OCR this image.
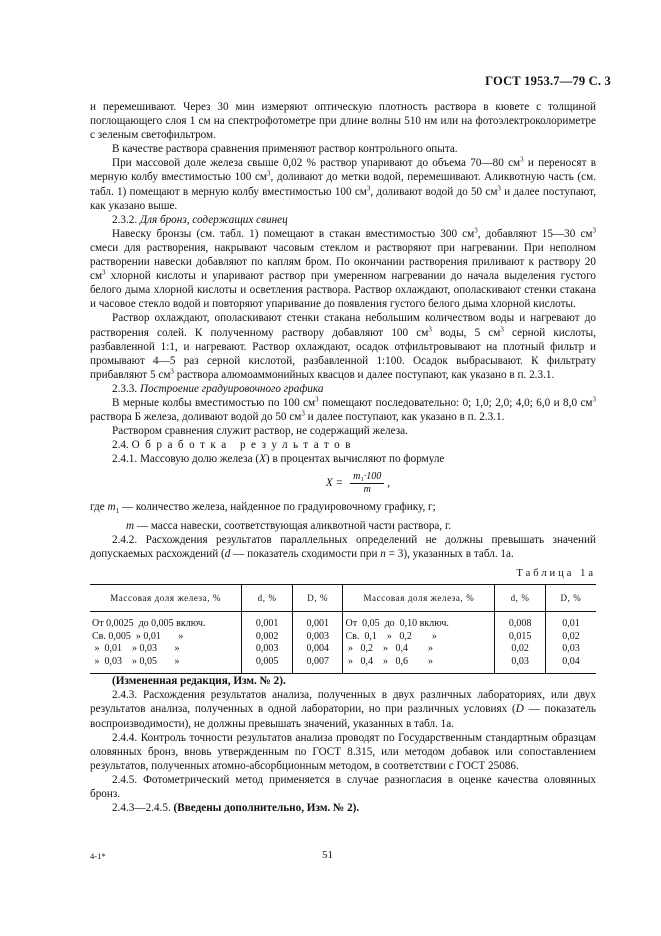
ГОСТ 1953.7—79 С. 3

и перемешивают. Через 30 мин измеряют оптическую плотность раствора в кювете с толщиной поглощающего слоя 1 см на спектрофотометре при длине волны 510 нм или на фотоэлектроколориметре с зеленым светофильтром.

В качестве раствора сравнения применяют раствор контрольного опыта.

При массовой доле железа свыше 0,02 % раствор упаривают до объема 70—80 $см^3$ и переносят в мерную колбу вместимостью 100 $см^3$, доливают до метки водой, перемешивают. Аликвотную часть (см. табл. 1) помещают в мерную колбу вместимостью 100 $см^3$, доливают водой до 50 $см^3$ и далее поступают, как указано выше.

2.3.2. Для бронз, содержащих свинец

Навеску бронзы (см. табл. 1) помещают в стакан вместимостью 300 $см^3$, добавляют 15—30 $см^3$ смеси для растворения, накрывают часовым стеклом и растворяют при нагревании. При неполном растворении навески добавляют по каплям бром. По окончании растворения приливают к раствору 20 $см^3$ хлорной кислоты и упаривают раствор при умеренном нагревании до начала выделения густого белого дыма хлорной кислоты и осветления раствора. Раствор охлаждают, ополаскивают стенки стакана и часовое стекло водой и повторяют упаривание до появления густого белого дыма хлорной кислоты.

Раствор охлаждают, ополаскивают стенки стакана небольшим количеством воды и нагревают до растворения солей. К полученному раствору добавляют 100 $см^3$ воды, 5 $см^3$ серной кислоты, разбавленной 1:1, и нагревают. Раствор охлаждают, осадок отфильтровывают на плотный фильтр и промывают 4—5 раз серной кислотой, разбавленной 1:100. Осадок выбрасывают. К фильтрату прибавляют 5 $см^3$ раствора алюмоаммонийных квасцов и далее поступают, как указано в п. 2.3.1.

2.3.3. Построение градуировочного графика

В мерные колбы вместимостью по 100 $см^3$ помещают последовательно: 0; 1,0; 2,0; 4,0; 6,0 и 8,0 $см^3$ раствора Б железа, доливают водой до 50 $см^3$ и далее поступают, как указано в п. 2.3.1.

Раствором сравнения служит раствор, не содержащий железа.

2.4. Обработка результатов

2.4.1. Массовую долю железа (X) в процентах вычисляют по формуле

$X = \frac{\text{m₁·100}}{m}$ ,

где $m_1$ — количество железа, найденное по градуировочному графику, г;

m — масса навески, соответствующая аликвотной части раствора, г.

2.4.2. Расхождения результатов параллельных определений не должны превышать значений допускаемых расхождений (d — показатель сходимости при n = 3), указанных в табл. 1а.

Таблица 1а
Массовая доля железа, %	d, %	D, %	Массовая доля железа, %	d, %	D, %
От 0,0025  до 0,005 включ.	0,001	0,001	От  0,05  до  0,10 включ.	0,008	0,01
Св. 0,005  » 0,01       »	0,002	0,003	Св.  0,1    »   0,2        »	0,015	0,02
»  0,01    » 0,03       »	0,003	0,004	»   0,2    »   0,4        »	0,02	0,03
»  0,03    » 0,05       »	0,005	0,007	»   0,4    »   0,6        »	0,03	0,04

(Измененная редакция, Изм. № 2).

2.4.3. Расхождения результатов анализа, полученных в двух различных лабораториях, или двух результатов анализа, полученных в одной лаборатории, но при различных условиях (D — показатель воспроизводимости), не должны превышать значений, указанных в табл. 1а.

2.4.4. Контроль точности результатов анализа проводят по Государственным стандартным образцам оловянных бронз, вновь утвержденным по ГОСТ 8.315, или методом добавок или сопоставлением результатов, полученных атомно-абсорбционным методом, в соответствии с ГОСТ 25086.

2.4.5. Фотометрический метод применяется в случае разногласия в оценке качества оловянных бронз.

2.4.3—2.4.5. (Введены дополнительно, Изм. № 2).

4-1*	51
